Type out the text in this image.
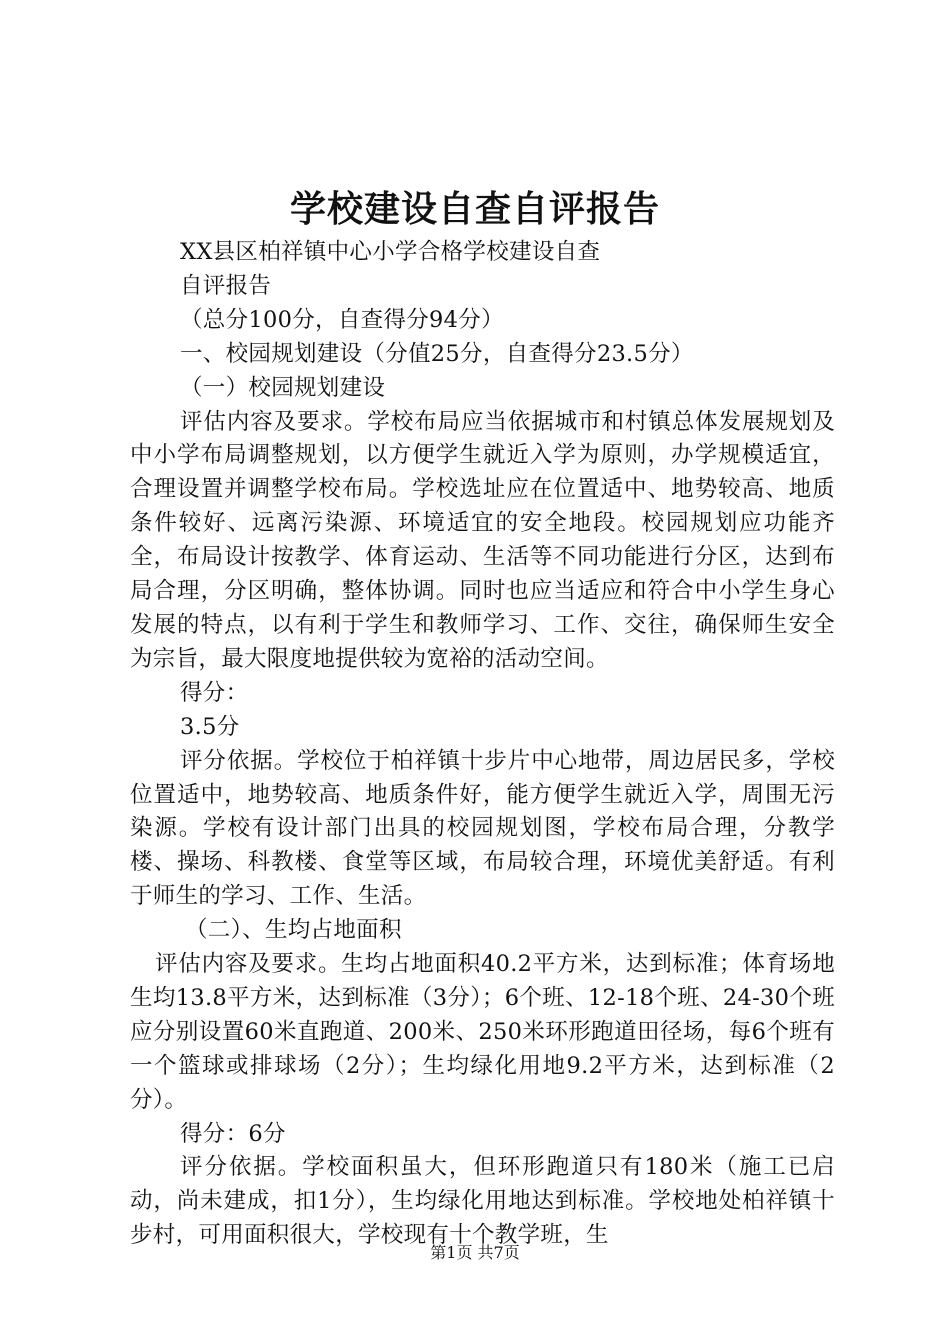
学校建设自查自评报告

XX县区柏祥镇中心小学合格学校建设自查

自评报告

（总分100分，自查得分94分）

一、校园规划建设（分值25分，自查得分23.5分）

（一）校园规划建设

评估内容及要求。学校布局应当依据城市和村镇总体发展规划及中小学布局调整规划，以方便学生就近入学为原则，办学规模适宜，合理设置并调整学校布局。学校选址应在位置适中、地势较高、地质条件较好、远离污染源、环境适宜的安全地段。校园规划应功能齐全，布局设计按教学、体育运动、生活等不同功能进行分区，达到布局合理，分区明确，整体协调。同时也应当适应和符合中小学生身心发展的特点，以有利于学生和教师学习、工作、交往，确保师生安全为宗旨，最大限度地提供较为宽裕的活动空间。

得分：

3.5分

评分依据。学校位于柏祥镇十步片中心地带，周边居民多，学校位置适中，地势较高、地质条件好，能方便学生就近入学，周围无污染源。学校有设计部门出具的校园规划图，学校布局合理，分教学楼、操场、科教楼、食堂等区域，布局较合理，环境优美舒适。有利于师生的学习、工作、生活。

（二）、生均占地面积

评估内容及要求。生均占地面积40.2平方米，达到标准；体育场地生均13.8平方米，达到标准（3分）；6个班、12-18个班、24-30个班应分别设置60米直跑道、200米、250米环形跑道田径场，每6个班有一个篮球或排球场（2分）；生均绿化用地9.2平方米，达到标准（2分）。

得分：6分

评分依据。学校面积虽大，但环形跑道只有180米（施工已启动，尚未建成，扣1分），生均绿化用地达到标准。学校地处柏祥镇十步村，可用面积很大，学校现有十个教学班，生

第1页 共7页
